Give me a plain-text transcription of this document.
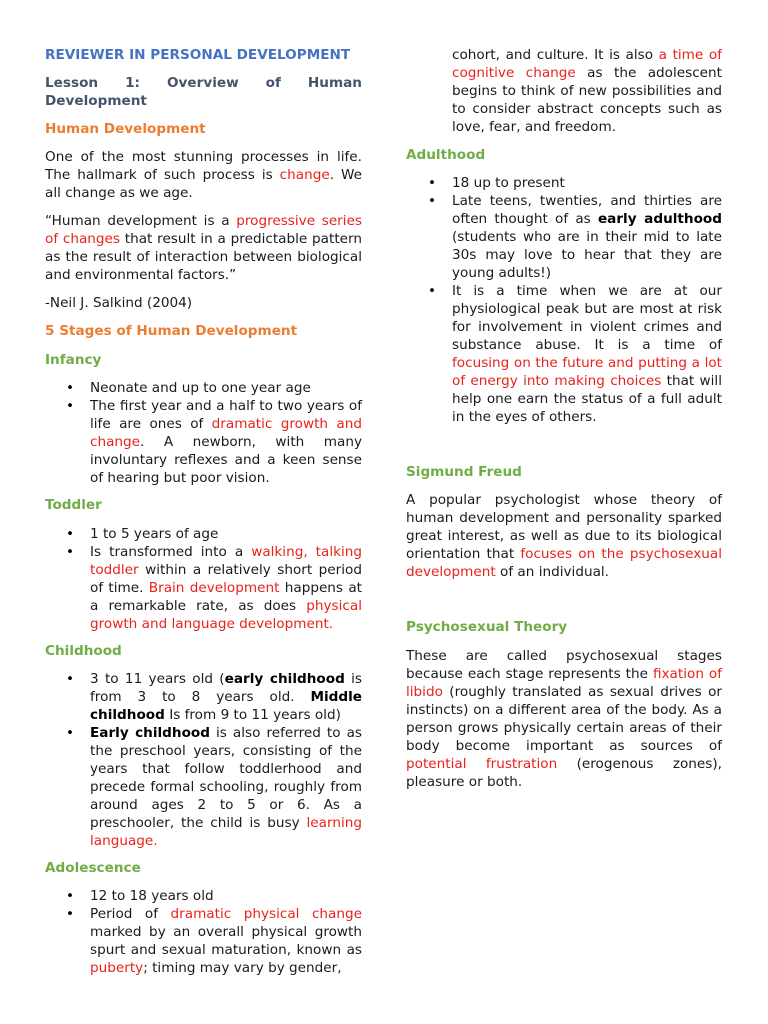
REVIEWER IN PERSONAL DEVELOPMENT
Lesson 1: Overview of Human
Development
Human Development

One of the most stunning processes in life. The hallmark of such process is change. We all change as we age.

“Human development is a progressive series of changes that result in a predictable pattern as the result of interaction between biological and environmental factors.”

-Neil J. Salkind (2004)

5 Stages of Human Development
Infancy
• Neonate and up to one year age
• The first year and a half to two years of life are ones of dramatic growth and change. A newborn, with many involuntary reflexes and a keen sense of hearing but poor vision.
Toddler
• 1 to 5 years of age
• Is transformed into a walking, talking toddler within a relatively short period of time. Brain development happens at a remarkable rate, as does physical growth and language development.
Childhood
• 3 to 11 years old (early childhood is from 3 to 8 years old. Middle childhood Is from 9 to 11 years old)
• Early childhood is also referred to as the preschool years, consisting of the years that follow toddlerhood and precede formal schooling, roughly from around ages 2 to 5 or 6. As a preschooler, the child is busy learning language.
Adolescence
• 12 to 18 years old
• Period of dramatic physical change marked by an overall physical growth spurt and sexual maturation, known as puberty; timing may vary by gender,

cohort, and culture. It is also a time of cognitive change as the adolescent begins to think of new possibilities and to consider abstract concepts such as love, fear, and freedom.

Adulthood
• 18 up to present
• Late teens, twenties, and thirties are often thought of as early adulthood (students who are in their mid to late 30s may love to hear that they are young adults!)
• It is a time when we are at our physiological peak but are most at risk for involvement in violent crimes and substance abuse. It is a time of focusing on the future and putting a lot of energy into making choices that will help one earn the status of a full adult in the eyes of others.
Sigmund Freud

A popular psychologist whose theory of human development and personality sparked great interest, as well as due to its biological orientation that focuses on the psychosexual development of an individual.

Psychosexual Theory

These are called psychosexual stages because each stage represents the fixation of libido (roughly translated as sexual drives or instincts) on a different area of the body. As a person grows physically certain areas of their body become important as sources of potential frustration (erogenous zones), pleasure or both.
